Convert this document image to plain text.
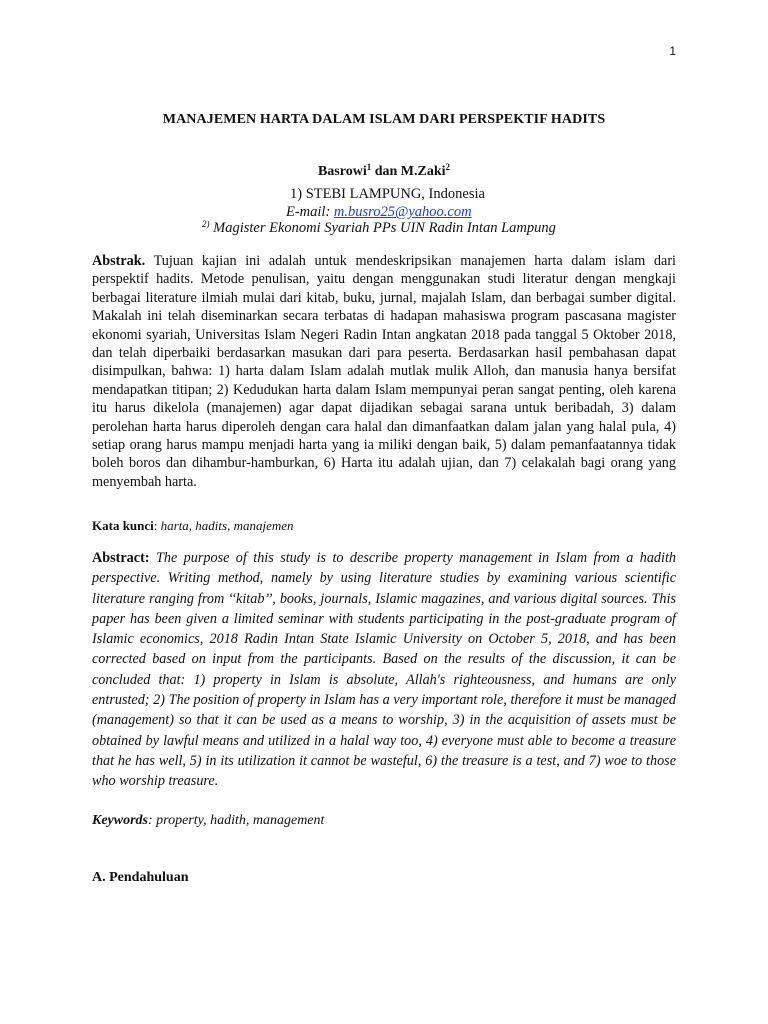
1
MANAJEMEN HARTA DALAM ISLAM DARI PERSPEKTIF HADITS
Basrowi$^1$ dan M.Zaki$^2$
1) STEBI LAMPUNG, Indonesia
E-mail: m.busro25@yahoo.com
$^{2)}$ Magister Ekonomi Syariah PPs UIN Radin Intan Lampung

Abstrak. Tujuan kajian ini adalah untuk mendeskripsikan manajemen harta dalam islam dari perspektif hadits. Metode penulisan, yaitu dengan menggunakan studi literatur dengan mengkaji berbagai literature ilmiah mulai dari kitab, buku, jurnal, majalah Islam, dan berbagai sumber digital. Makalah ini telah diseminarkan secara terbatas di hadapan mahasiswa program pascasana magister ekonomi syariah, Universitas Islam Negeri Radin Intan angkatan 2018 pada tanggal 5 Oktober 2018, dan telah diperbaiki berdasarkan masukan dari para peserta. Berdasarkan hasil pembahasan dapat disimpulkan, bahwa: 1) harta dalam Islam adalah mutlak mulik Alloh, dan manusia hanya bersifat mendapatkan titipan; 2) Kedudukan harta dalam Islam mempunyai peran sangat penting, oleh karena itu harus dikelola (manajemen) agar dapat dijadikan sebagai sarana untuk beribadah, 3) dalam perolehan harta harus diperoleh dengan cara halal dan dimanfaatkan dalam jalan yang halal pula, 4) setiap orang harus mampu menjadi harta yang ia miliki dengan baik, 5) dalam pemanfaatannya tidak boleh boros dan dihambur-hamburkan, 6) Harta itu adalah ujian, dan 7) celakalah bagi orang yang menyembah harta.

Kata kunci: harta, hadits, manajemen

Abstract: The purpose of this study is to describe property management in Islam from a hadith perspective. Writing method, namely by using literature studies by examining various scientific literature ranging from ‘‘kitab’’, books, journals, Islamic magazines, and various digital sources. This paper has been given a limited seminar with students participating in the post-graduate program of Islamic economics, 2018 Radin Intan State Islamic University on October 5, 2018, and has been corrected based on input from the participants. Based on the results of the discussion, it can be concluded that: 1) property in Islam is absolute, Allah's righteousness, and humans are only entrusted; 2) The position of property in Islam has a very important role, therefore it must be managed (management) so that it can be used as a means to worship, 3) in the acquisition of assets must be obtained by lawful means and utilized in a halal way too, 4) everyone must able to become a treasure that he has well, 5) in its utilization it cannot be wasteful, 6) the treasure is a test, and 7) woe to those who worship treasure.

Keywords: property, hadith, management
A. Pendahuluan
